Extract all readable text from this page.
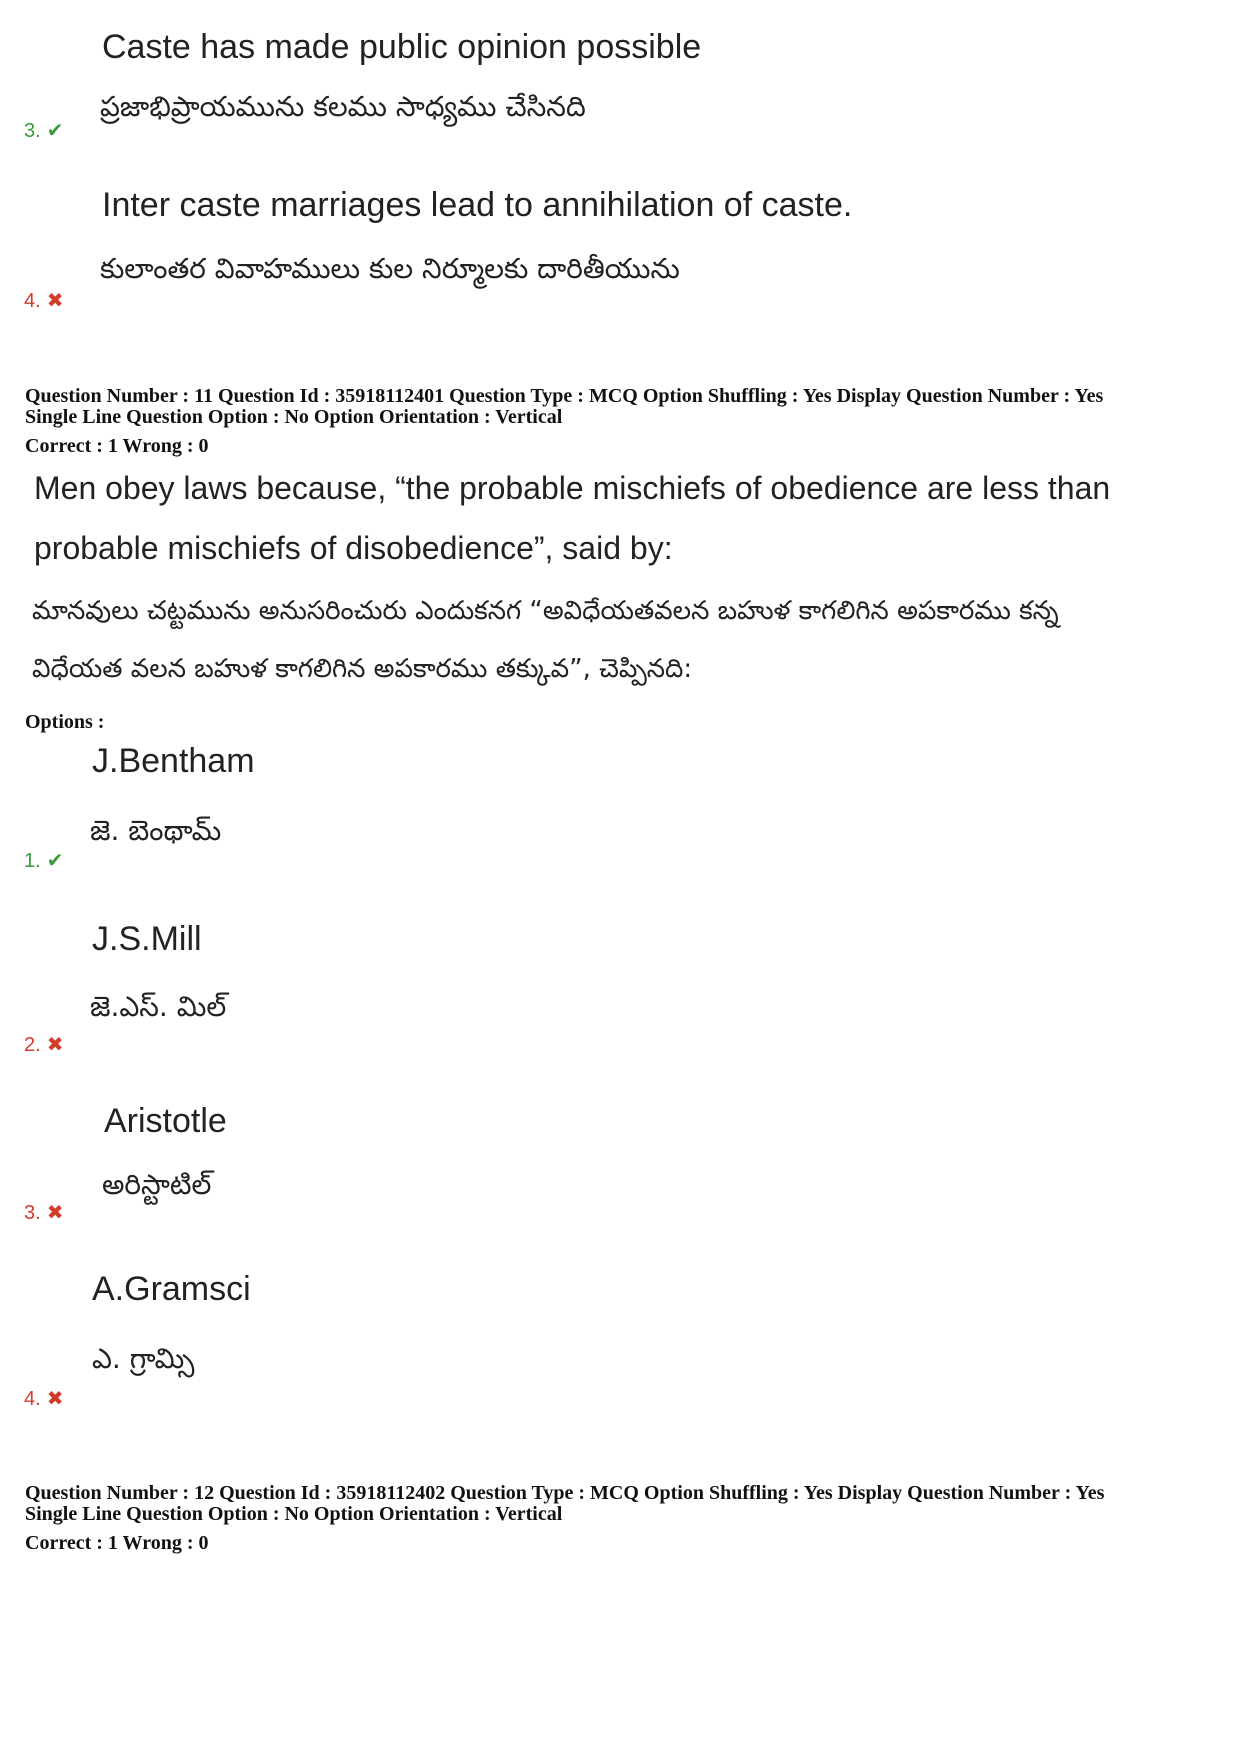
Caste has made public opinion possible
ప్రజాభిప్రాయమును కలము సాధ్యము చేసినది
3. ✔
Inter caste marriages lead to annihilation of caste.
కులాంతర వివాహములు కుల నిర్మూలకు దారితీయును
4. ✖
Question Number : 11 Question Id : 35918112401 Question Type : MCQ Option Shuffling : Yes Display Question Number : Yes
Single Line Question Option : No Option Orientation : Vertical
Correct : 1 Wrong : 0
Men obey laws because, “the probable mischiefs of obedience are less than
probable mischiefs of disobedience”, said by:
మానవులు చట్టమును అనుసరించురు ఎందుకనగ “అవిధేయతవలన బహుళ కాగలిగిన అపకారము కన్న
విధేయత వలన బహుళ కాగలిగిన అపకారము తక్కువ”, చెప్పినది:
Options :
J.Bentham
జె. బెంథామ్
1. ✔
J.S.Mill
జె.ఎస్. మిల్
2. ✖
Aristotle
అరిస్టాటిల్
3. ✖
A.Gramsci
ఎ. గ్రామ్సి
4. ✖
Question Number : 12 Question Id : 35918112402 Question Type : MCQ Option Shuffling : Yes Display Question Number : Yes
Single Line Question Option : No Option Orientation : Vertical
Correct : 1 Wrong : 0
